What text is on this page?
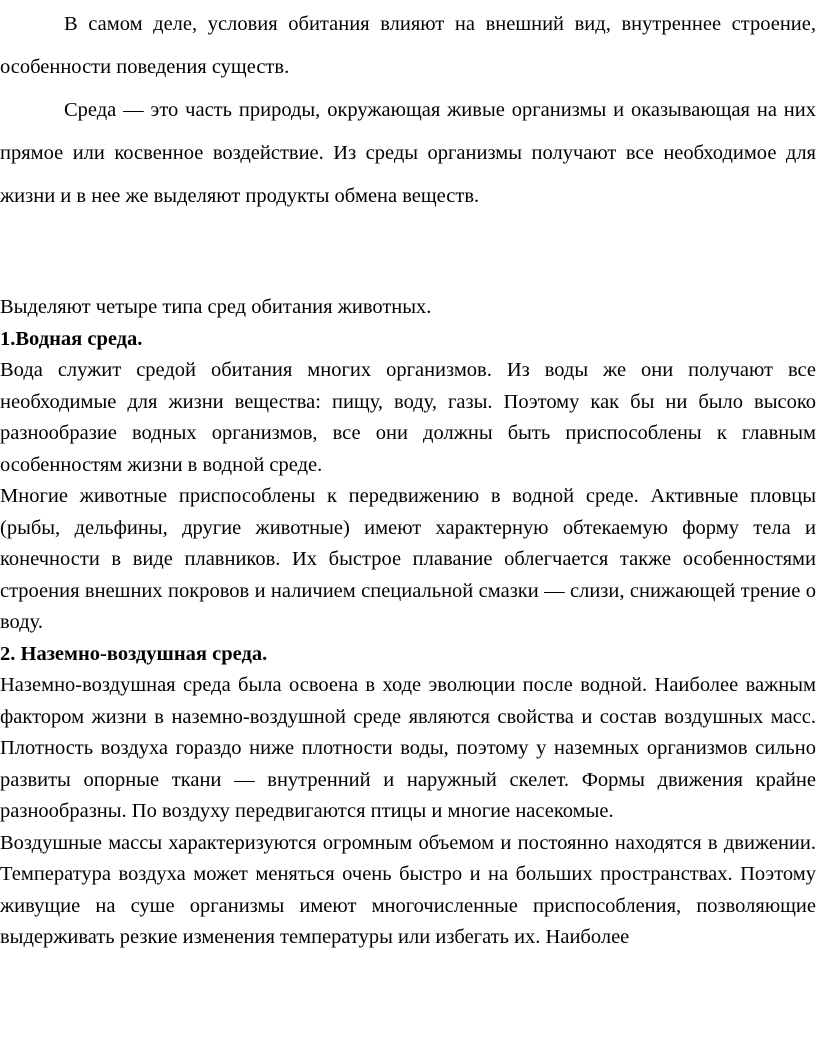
В самом деле, условия обитания влияют на внешний вид, внутреннее строение, особенности поведения существ.

Среда — это часть природы, окружающая живые организмы и оказывающая на них прямое или косвенное воздействие. Из среды организмы получают все необходимое для жизни и в нее же выделяют продукты обмена веществ.

Выделяют четыре типа сред обитания животных.

1.Водная среда.

Вода служит средой обитания многих организмов. Из воды же они получают все необходимые для жизни вещества: пищу, воду, газы. Поэтому как бы ни было высоко разнообразие водных организмов, все они должны быть приспособлены к главным особенностям жизни в водной среде.

Многие животные приспособлены к передвижению в водной среде. Активные пловцы (рыбы, дельфины, другие животные) имеют характерную обтекаемую форму тела и конечности в виде плавников. Их быстрое плавание облегчается также особенностями строения внешних покровов и наличием специальной смазки — слизи, снижающей трение о воду.

2. Наземно-воздушная среда.

Наземно-воздушная среда была освоена в ходе эволюции после водной. Наиболее важным фактором жизни в наземно-воздушной среде являются свойства и состав воздушных масс. Плотность воздуха гораздо ниже плотности воды, поэтому у наземных организмов сильно развиты опорные ткани — внутренний и наружный скелет. Формы движения крайне разнообразны. По воздуху передвигаются птицы и многие насекомые.

Воздушные массы характеризуются огромным объемом и постоянно находятся в движении. Температура воздуха может меняться очень быстро и на больших пространствах. Поэтому живущие на суше организмы имеют многочисленные приспособления, позволяющие выдерживать резкие изменения температуры или избегать их. Наиболее
